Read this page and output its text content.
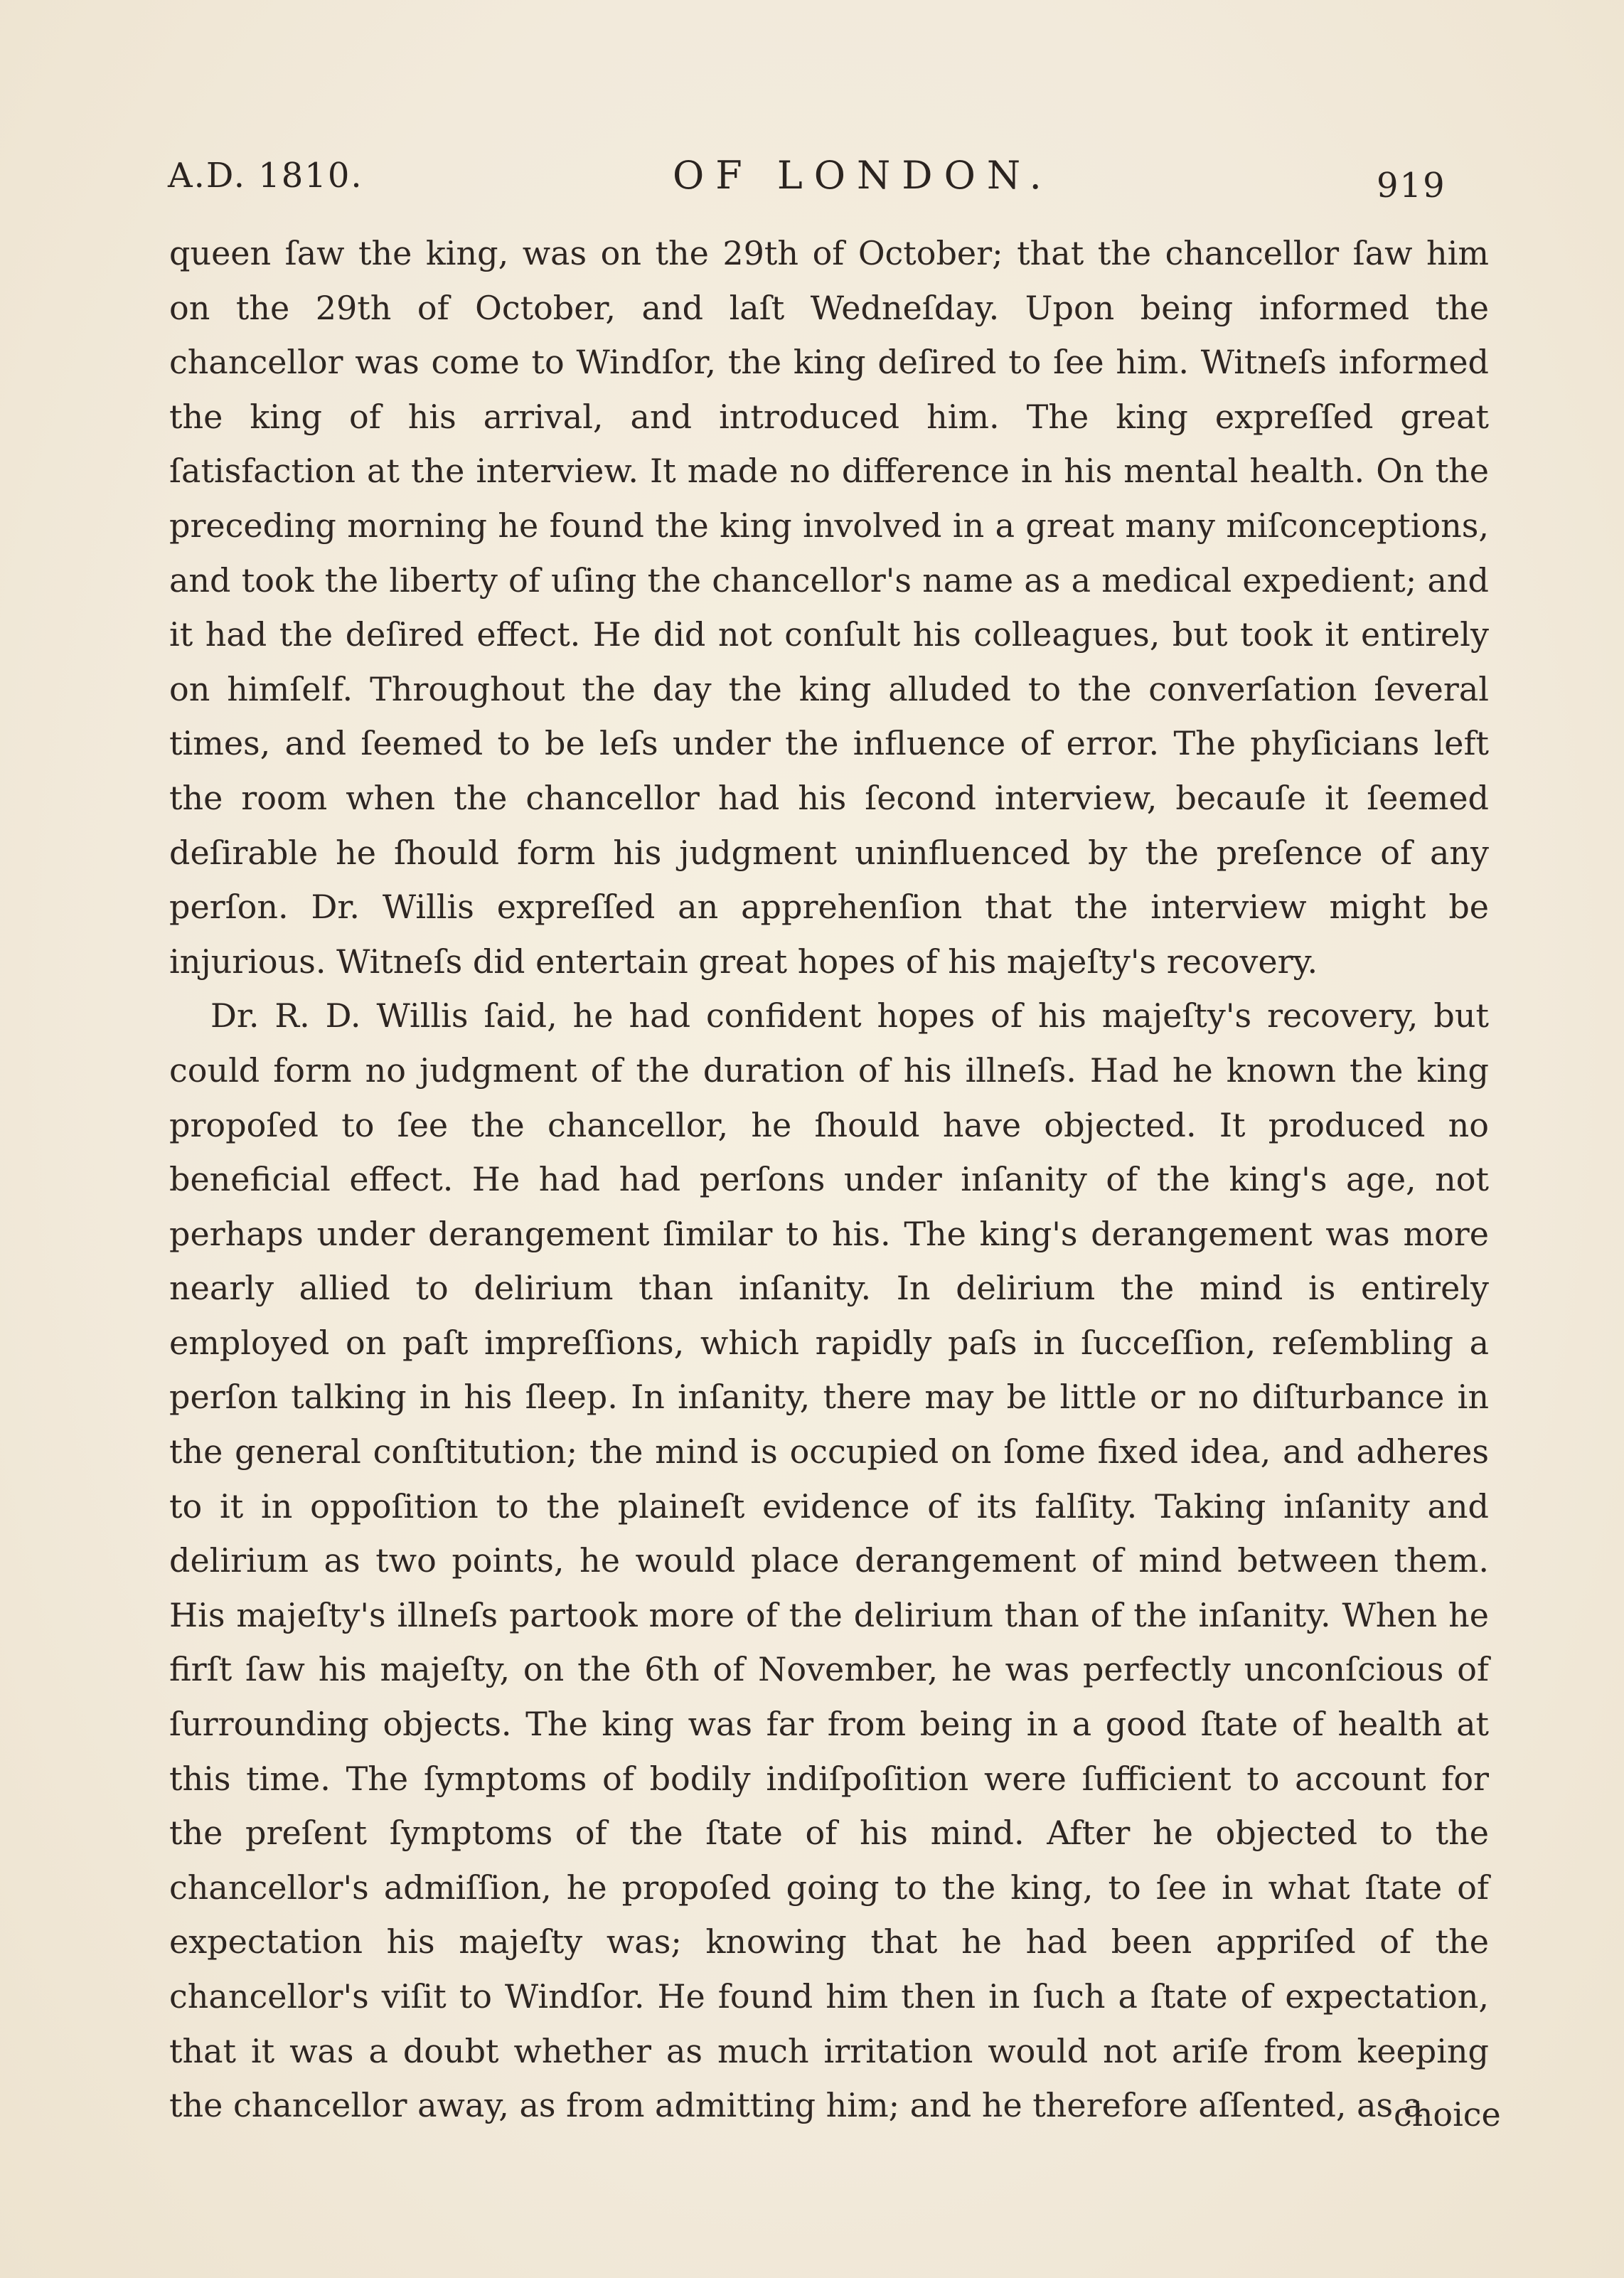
A.D. 1810.	OF LONDON.	919

queen ſaw the king, was on the 29th of October; that the chancellor ſaw him on the 29th of October, and laſt Wedneſday. Upon being informed the chancellor was come to Windſor, the king deſired to ſee him. Witneſs informed the king of his arrival, and introduced him. The king expreſſed great ſatisfaction at the interview. It made no difference in his mental health. On the preceding morning he found the king involved in a great many miſconceptions, and took the liberty of uſing the chancellor's name as a medical expedient; and it had the deſired effect. He did not conſult his colleagues, but took it entirely on himſelf. Throughout the day the king alluded to the converſation ſeveral times, and ſeemed to be leſs under the influence of error. The phyſicians left the room when the chancellor had his ſecond interview, becauſe it ſeemed deſirable he ſhould form his judgment uninfluenced by the preſence of any perſon. Dr. Willis expreſſed an apprehenſion that the interview might be injurious. Witneſs did entertain great hopes of his majeſty's recovery.

Dr. R. D. Willis ſaid, he had confident hopes of his majeſty's recovery, but could form no judgment of the duration of his illneſs. Had he known the king propoſed to ſee the chancellor, he ſhould have objected. It produced no beneficial effect. He had had perſons under inſanity of the king's age, not perhaps under derangement ſimilar to his. The king's derangement was more nearly allied to delirium than inſanity. In delirium the mind is entirely employed on paſt impreſſions, which rapidly paſs in ſucceſſion, reſembling a perſon talking in his ſleep. In inſanity, there may be little or no diſturbance in the general conſtitution; the mind is occupied on ſome fixed idea, and adheres to it in oppoſition to the plaineſt evidence of its falſity. Taking inſanity and delirium as two points, he would place derangement of mind between them. His majeſty's illneſs partook more of the delirium than of the inſanity. When he firſt ſaw his majeſty, on the 6th of November, he was perfectly unconſcious of ſurrounding objects. The king was far from being in a good ſtate of health at this time. The ſymptoms of bodily indiſpoſition were ſufficient to account for the preſent ſymptoms of the ſtate of his mind. After he objected to the chancellor's admiſſion, he propoſed going to the king, to ſee in what ſtate of expectation his majeſty was; knowing that he had been appriſed of the chancellor's viſit to Windſor. He found him then in ſuch a ſtate of expectation, that it was a doubt whether as much irritation would not ariſe from keeping the chancellor away, as from admitting him; and he therefore aſſented, as a

choice
